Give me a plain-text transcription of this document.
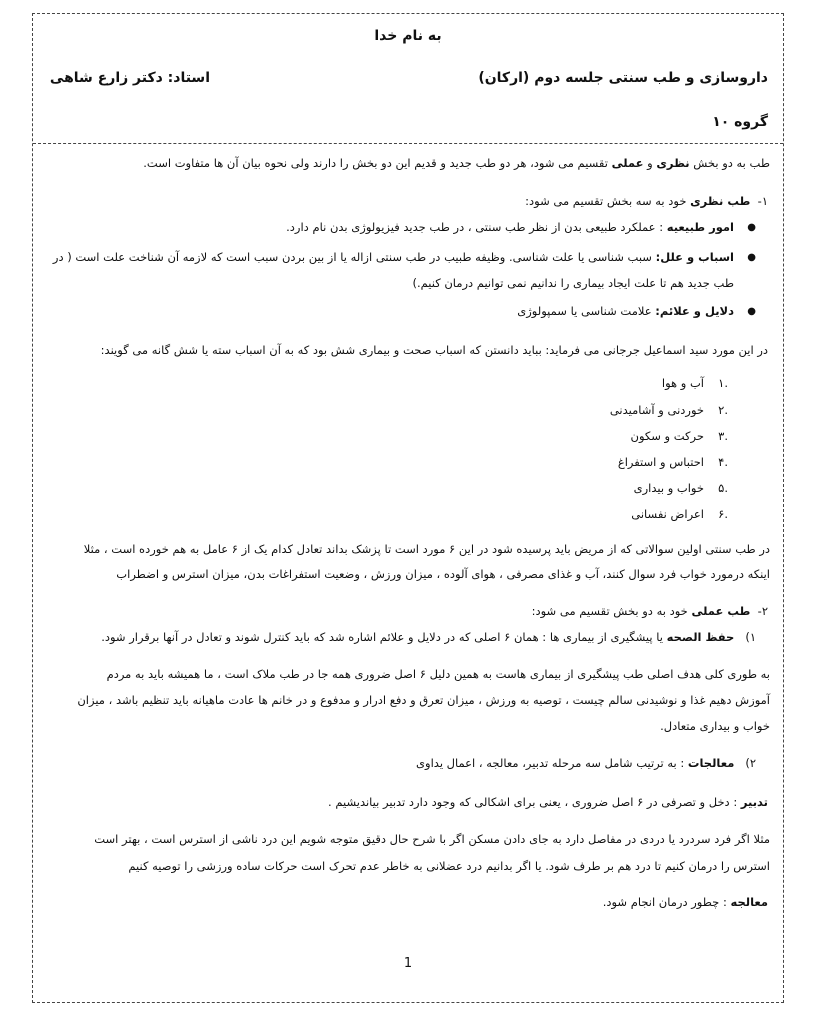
به نام خدا
داروسازی و طب سنتی جلسه دوم (ارکان)
استاد: دکتر زارع شاهی
گروه ۱۰
طب به دو بخش نظری و عملی تقسیم می شود، هر دو طب جدید و قدیم این دو بخش را دارند ولی نحوه بیان آن ها متفاوت است.
۱-  طب نظری خود به سه بخش تقسیم می شود:
●
امور طبیعیه : عملکرد طبیعی بدن از نظر طب سنتی ، در طب جدید فیزیولوژی بدن نام دارد.
●
اسباب و علل: سبب شناسی یا علت شناسی. وظیفه طبیب در طب سنتی ازاله یا از بین بردن سبب است که لازمه آن شناخت علت است ( در
طب جدید هم تا علت ایجاد بیماری را ندانیم نمی توانیم درمان کنیم.)
●
دلایل و علائم: علامت شناسی یا سمپولوژی
در این مورد سید اسماعیل جرجانی می فرماید: بباید دانستن که اسباب صحت و بیماری شش بود که به آن اسباب سته یا شش گانه می گویند:
۱.
آب و هوا
۲.
خوردنی و آشامیدنی
۳.
حرکت و سکون
۴.
احتباس و استفراغ
۵.
خواب و بیداری
۶.
اعراض نفسانی
در طب سنتی اولین سوالاتی که از مریض باید پرسیده شود در این ۶ مورد است تا پزشک بداند تعادل کدام یک از ۶ عامل به هم خورده است ، مثلا
اینکه درمورد خواب فرد سوال کنند، آب و غذای مصرفی ، هوای آلوده ، میزان ورزش ، وضعیت استفراغات بدن، میزان استرس و اضطراب
۲-  طب عملی خود به دو بخش تقسیم می شود:
۱)   حفظ الصحه یا پیشگیری از بیماری ها : همان ۶ اصلی که در دلایل و علائم اشاره شد که باید کنترل شوند و تعادل در آنها برقرار شود.
به طوری کلی هدف اصلی طب پیشگیری از بیماری هاست به همین دلیل ۶ اصل ضروری همه جا در طب ملاک است ، ما همیشه باید به مردم
آموزش دهیم غذا و نوشیدنی سالم چیست ، توصیه به ورزش ، میزان تعرق و دفع ادرار و مدفوع و در خانم ها عادت ماهیانه باید تنظیم باشد ، میزان
خواب و بیداری متعادل.
۲)   معالجات : به ترتیب شامل سه مرحله تدبیر، معالجه ، اعمال یداوی
تدبیر : دخل و تصرفی در ۶ اصل ضروری ، یعنی برای اشکالی که وجود دارد تدبیر بیاندیشیم .
مثلا اگر فرد سردرد یا دردی در مفاصل دارد به جای دادن مسکن اگر با شرح حال دقیق متوجه شویم این درد ناشی از استرس است ، بهتر است
استرس را درمان کنیم تا درد هم بر طرف شود. یا اگر بدانیم درد عضلانی به خاطر عدم تحرک است حرکات ساده ورزشی را توصیه کنیم
معالجه : چطور درمان انجام شود.
1
